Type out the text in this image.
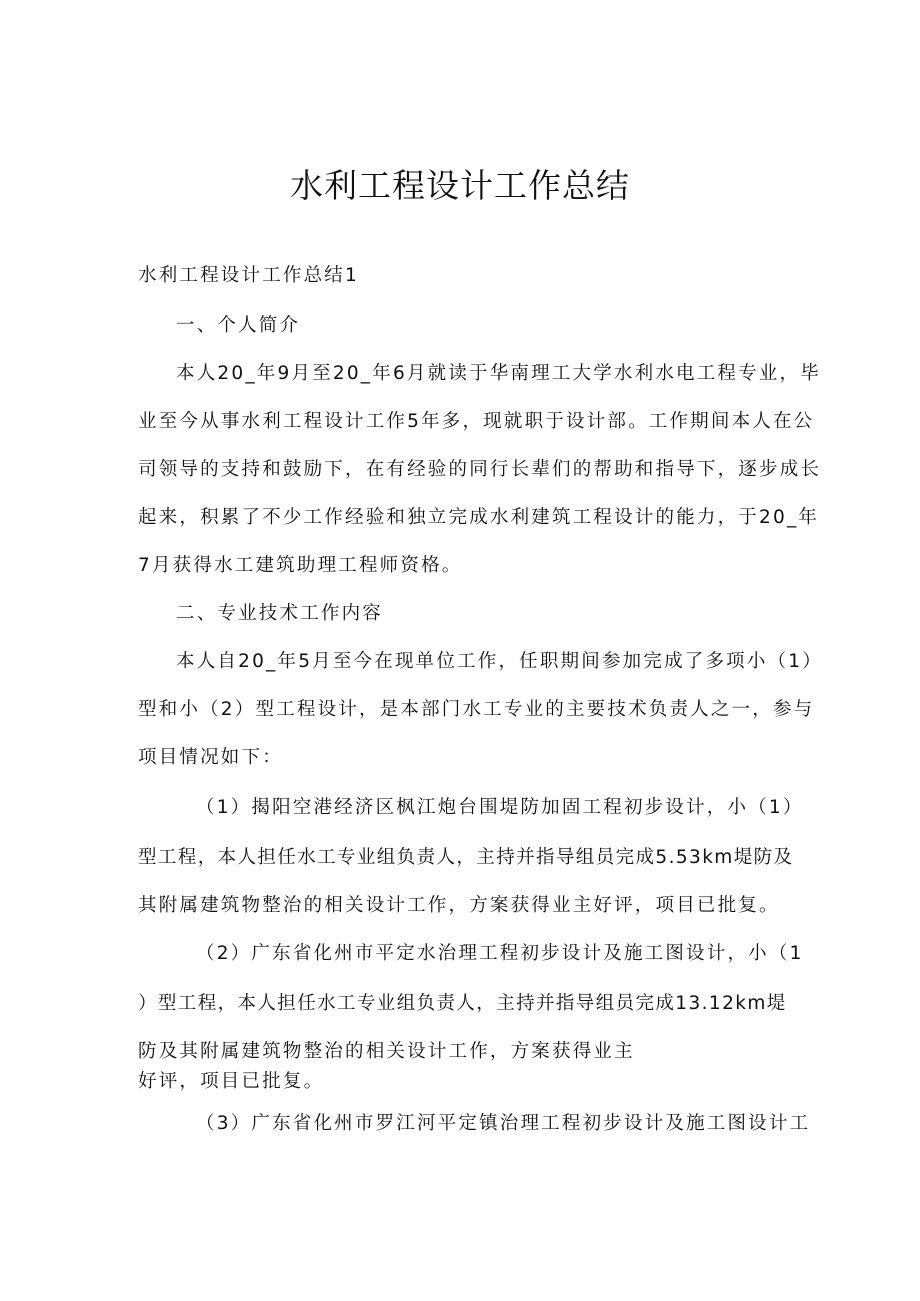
水利工程设计工作总结
水利工程设计工作总结1
一、个人简介
本人20_年9月至20_年6月就读于华南理工大学水利水电工程专业，毕
业至今从事水利工程设计工作5年多，现就职于设计部。工作期间本人在公
司领导的支持和鼓励下，在有经验的同行长辈们的帮助和指导下，逐步成长
起来，积累了不少工作经验和独立完成水利建筑工程设计的能力，于20_年
7月获得水工建筑助理工程师资格。
二、专业技术工作内容
本人自20_年5月至今在现单位工作，任职期间参加完成了多项小（1）
型和小（2）型工程设计，是本部门水工专业的主要技术负责人之一，参与
项目情况如下：
（1）揭阳空港经济区枫江炮台围堤防加固工程初步设计，小（1）
型工程，本人担任水工专业组负责人，主持并指导组员完成5.53km堤防及
其附属建筑物整治的相关设计工作，方案获得业主好评，项目已批复。
（2）广东省化州市平定水治理工程初步设计及施工图设计，小（1
）型工程，本人担任水工专业组负责人，主持并指导组员完成13.12km堤
防及其附属建筑物整治的相关设计工作，方案获得业主
好评，项目已批复。
（3）广东省化州市罗江河平定镇治理工程初步设计及施工图设计工
